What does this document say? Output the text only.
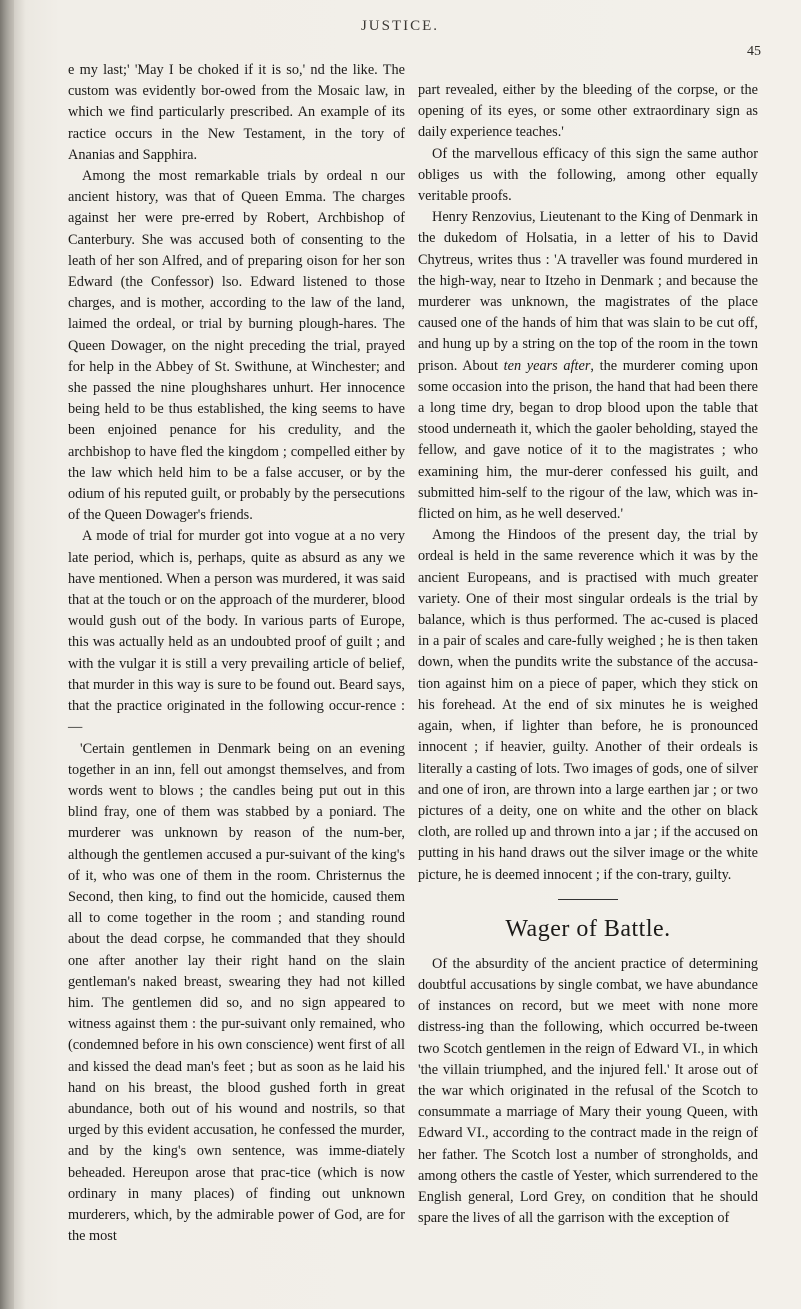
JUSTICE.
45

e my last;' 'May I be choked if it is so,' nd the like. The custom was evidently bor-owed from the Mosaic law, in which we find particularly prescribed. An example of its ractice occurs in the New Testament, in the tory of Ananias and Sapphira.

Among the most remarkable trials by ordeal n our ancient history, was that of Queen Emma. The charges against her were pre-erred by Robert, Archbishop of Canterbury. She was accused both of consenting to the leath of her son Alfred, and of preparing oison for her son Edward (the Confessor) lso. Edward listened to those charges, and is mother, according to the law of the land, laimed the ordeal, or trial by burning plough-hares. The Queen Dowager, on the night preceding the trial, prayed for help in the Abbey of St. Swithune, at Winchester; and she passed the nine ploughshares unhurt. Her innocence being held to be thus established, the king seems to have been enjoined penance for his credulity, and the archbishop to have fled the kingdom ; compelled either by the law which held him to be a false accuser, or by the odium of his reputed guilt, or probably by the persecutions of the Queen Dowager's friends.

A mode of trial for murder got into vogue at a no very late period, which is, perhaps, quite as absurd as any we have mentioned. When a person was murdered, it was said that at the touch or on the approach of the murderer, blood would gush out of the body. In various parts of Europe, this was actually held as an undoubted proof of guilt ; and with the vulgar it is still a very prevailing article of belief, that murder in this way is sure to be found out. Beard says, that the practice originated in the following occur-rence :—

'Certain gentlemen in Denmark being on an evening together in an inn, fell out amongst themselves, and from words went to blows ; the candles being put out in this blind fray, one of them was stabbed by a poniard. The murderer was unknown by reason of the num-ber, although the gentlemen accused a pur-suivant of the king's of it, who was one of them in the room. Christernus the Second, then king, to find out the homicide, caused them all to come together in the room ; and standing round about the dead corpse, he commanded that they should one after another lay their right hand on the slain gentleman's naked breast, swearing they had not killed him. The gentlemen did so, and no sign appeared to witness against them : the pur-suivant only remained, who (condemned before in his own conscience) went first of all and kissed the dead man's feet ; but as soon as he laid his hand on his breast, the blood gushed forth in great abundance, both out of his wound and nostrils, so that urged by this evident accusation, he confessed the murder, and by the king's own sentence, was imme-diately beheaded. Hereupon arose that prac-tice (which is now ordinary in many places) of finding out unknown murderers, which, by the admirable power of God, are for the most

part revealed, either by the bleeding of the corpse, or the opening of its eyes, or some other extraordinary sign as daily experience teaches.'

Of the marvellous efficacy of this sign the same author obliges us with the following, among other equally veritable proofs.

Henry Renzovius, Lieutenant to the King of Denmark in the dukedom of Holsatia, in a letter of his to David Chytreus, writes thus : 'A traveller was found murdered in the high-way, near to Itzeho in Denmark ; and because the murderer was unknown, the magistrates of the place caused one of the hands of him that was slain to be cut off, and hung up by a string on the top of the room in the town prison. About ten years after, the murderer coming upon some occasion into the prison, the hand that had been there a long time dry, began to drop blood upon the table that stood underneath it, which the gaoler beholding, stayed the fellow, and gave notice of it to the magistrates ; who examining him, the mur-derer confessed his guilt, and submitted him-self to the rigour of the law, which was in-flicted on him, as he well deserved.'

Among the Hindoos of the present day, the trial by ordeal is held in the same reverence which it was by the ancient Europeans, and is practised with much greater variety. One of their most singular ordeals is the trial by balance, which is thus performed. The ac-cused is placed in a pair of scales and care-fully weighed ; he is then taken down, when the pundits write the substance of the accusa-tion against him on a piece of paper, which they stick on his forehead. At the end of six minutes he is weighed again, when, if lighter than before, he is pronounced innocent ; if heavier, guilty. Another of their ordeals is literally a casting of lots. Two images of gods, one of silver and one of iron, are thrown into a large earthen jar ; or two pictures of a deity, one on white and the other on black cloth, are rolled up and thrown into a jar ; if the accused on putting in his hand draws out the silver image or the white picture, he is deemed innocent ; if the con-trary, guilty.

Wager of Battle.

Of the absurdity of the ancient practice of determining doubtful accusations by single combat, we have abundance of instances on record, but we meet with none more distress-ing than the following, which occurred be-tween two Scotch gentlemen in the reign of Edward VI., in which 'the villain triumphed, and the injured fell.' It arose out of the war which originated in the refusal of the Scotch to consummate a marriage of Mary their young Queen, with Edward VI., according to the contract made in the reign of her father. The Scotch lost a number of strongholds, and among others the castle of Yester, which surrendered to the English general, Lord Grey, on condition that he should spare the lives of all the garrison with the exception of
